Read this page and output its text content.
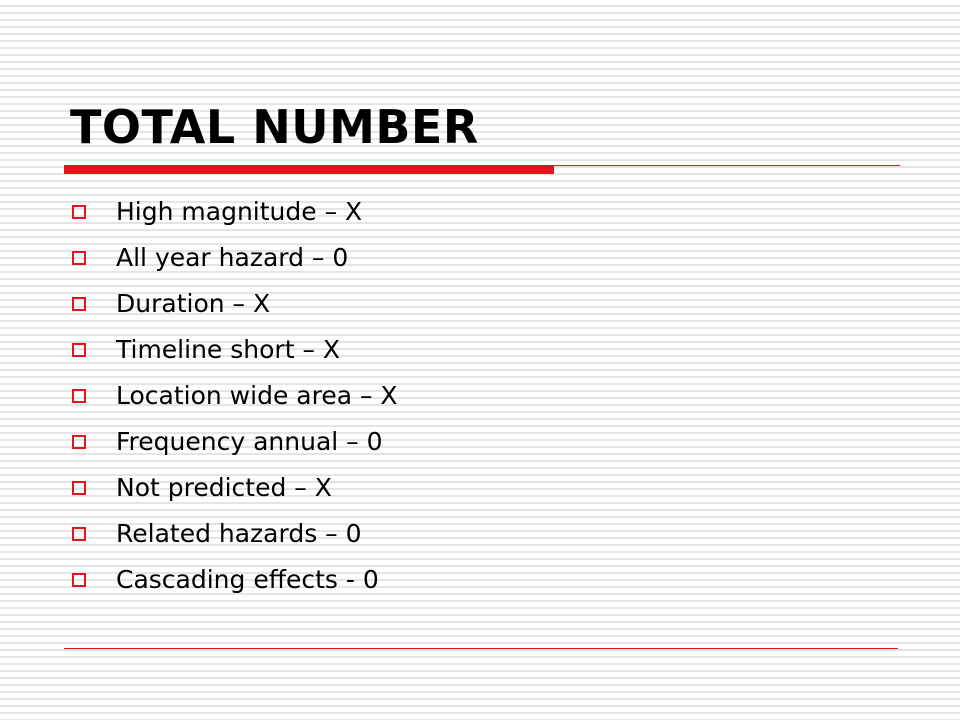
TOTAL NUMBER
High magnitude – X
All year hazard – 0
Duration – X
Timeline short – X
Location wide area – X
Frequency annual – 0
Not predicted – X
Related hazards – 0
Cascading effects - 0
